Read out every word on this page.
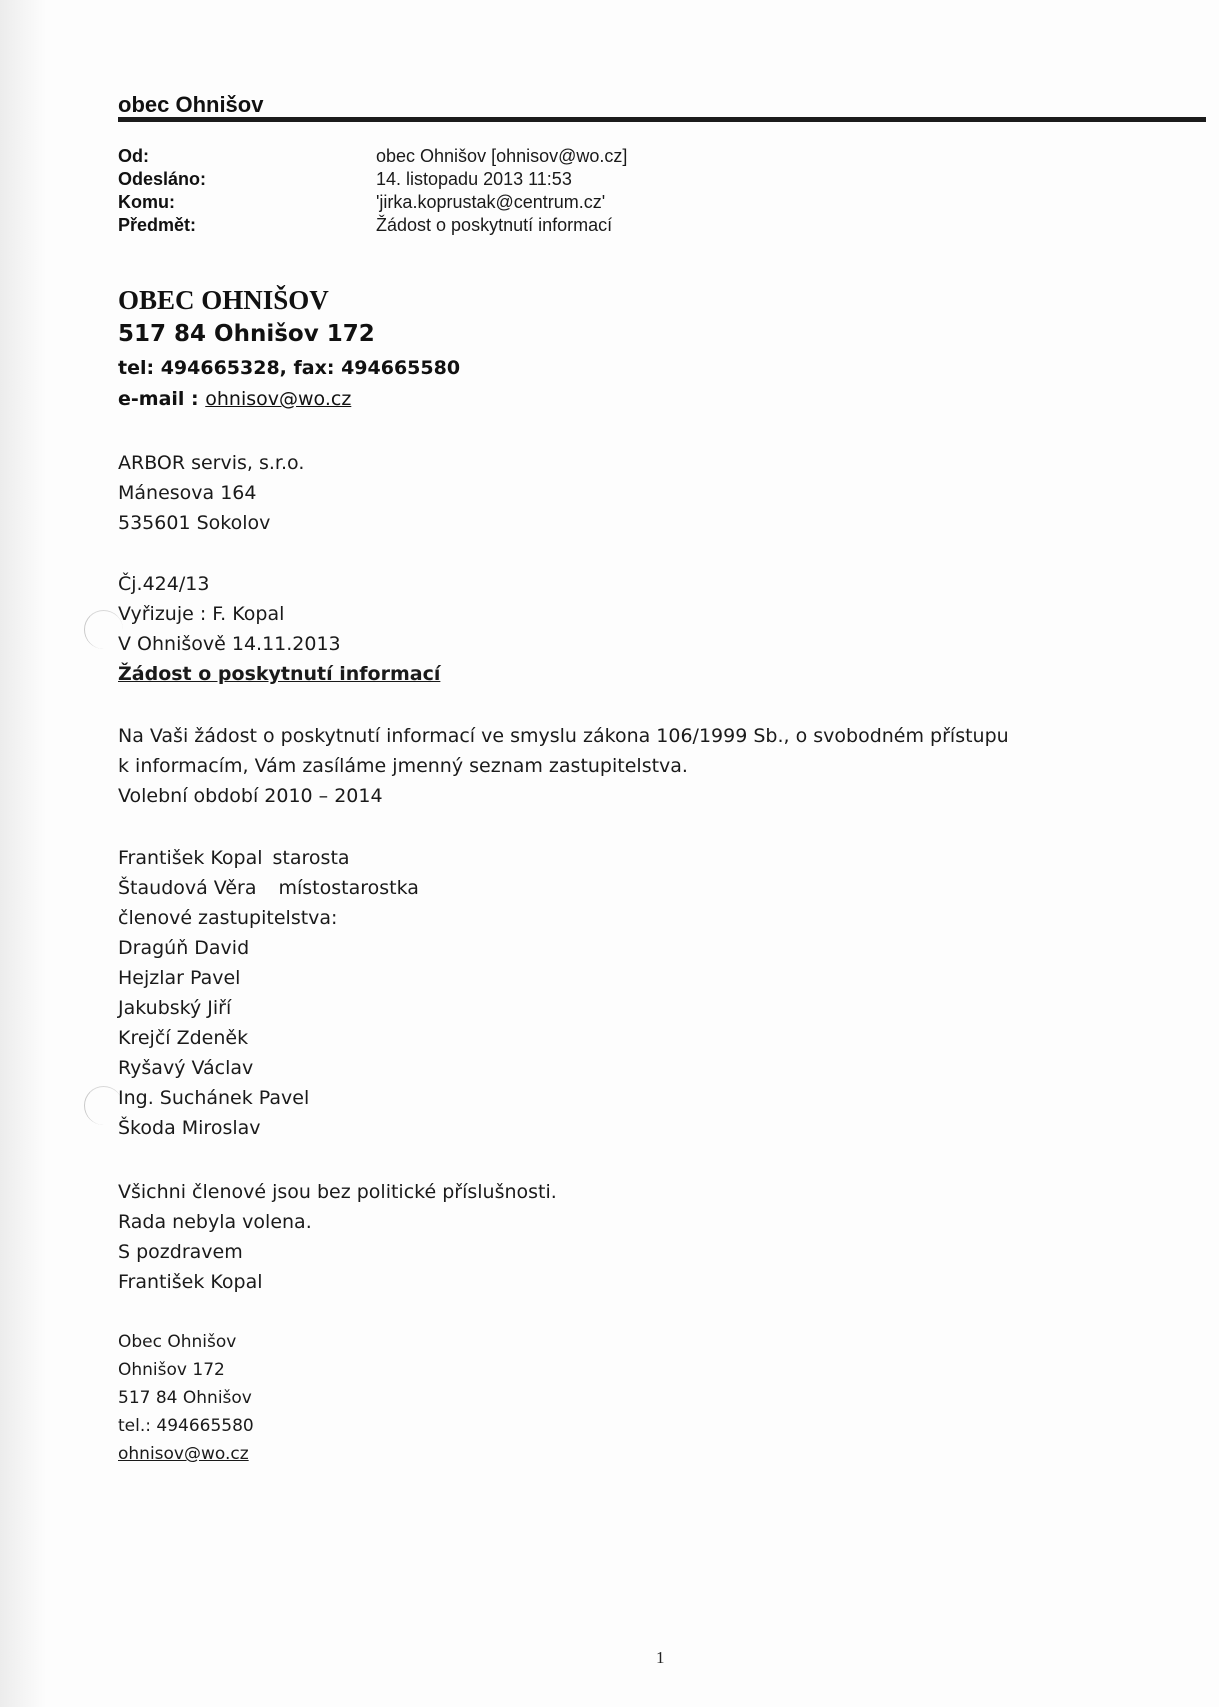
obec Ohnišov
Od:	obec Ohnišov [ohnisov@wo.cz]
Odesláno:	14. listopadu 2013 11:53
Komu:	'jirka.koprustak@centrum.cz'
Předmět:	Žádost o poskytnutí informací
OBEC OHNIŠOV
517 84 Ohnišov 172
tel: 494665328, fax: 494665580
e-mail : ohnisov@wo.cz
ARBOR servis, s.r.o.
Mánesova 164
535601 Sokolov
Čj.424/13
Vyřizuje : F. Kopal
V Ohnišově 14.11.2013
Žádost o poskytnutí informací
Na Vaši žádost o poskytnutí informací ve smyslu zákona 106/1999 Sb., o svobodném přístupu
k informacím, Vám zasíláme jmenný seznam zastupitelstva.
Volební období 2010 – 2014
František Kopal starosta
Štaudová Věra místostarostka
členové zastupitelstva:
Dragúň David
Hejzlar Pavel
Jakubský Jiří
Krejčí Zdeněk
Ryšavý Václav
Ing. Suchánek Pavel
Škoda Miroslav
Všichni členové jsou bez politické příslušnosti.
Rada nebyla volena.
S pozdravem
František Kopal
Obec Ohnišov
Ohnišov 172
517 84 Ohnišov
tel.: 494665580
ohnisov@wo.cz
1
